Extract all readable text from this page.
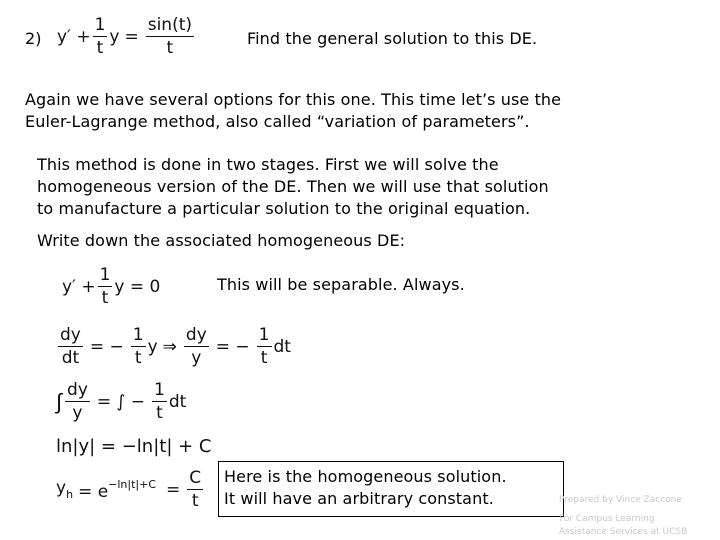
2) $y' + \frac{1}{t}$ $y = \frac{\sin(t)}{t}$	Find the general solution to this DE.
Again we have several options for this one. This time let’s use the
Euler-Lagrange method, also called “variation of parameters”.
This method is done in two stages. First we will solve the
homogeneous version of the DE. Then we will use that solution
to manufacture a particular solution to the original equation.
Write down the associated homogeneous DE:
$y' + \frac{1}{t}$ y = 0	This will be separable. Always.
$\frac{dy}{dt}$ = − $\frac{1}{t}$ y ⇒ $\frac{dy}{y}$ = − $\frac{1}{t}$ dt
∫ $\frac{dy}{y}$ = ∫ − $\frac{1}{t}$ dt
ln|y| = −ln|t| + C
$y_h = e^{-ln|t|+C} = \frac{C}{t}$ Here is the homogeneous solution.
It will have an arbitrary constant.	Prepared by Vince Zaccone
For Campus Learning
Assistance Services at UCSB
